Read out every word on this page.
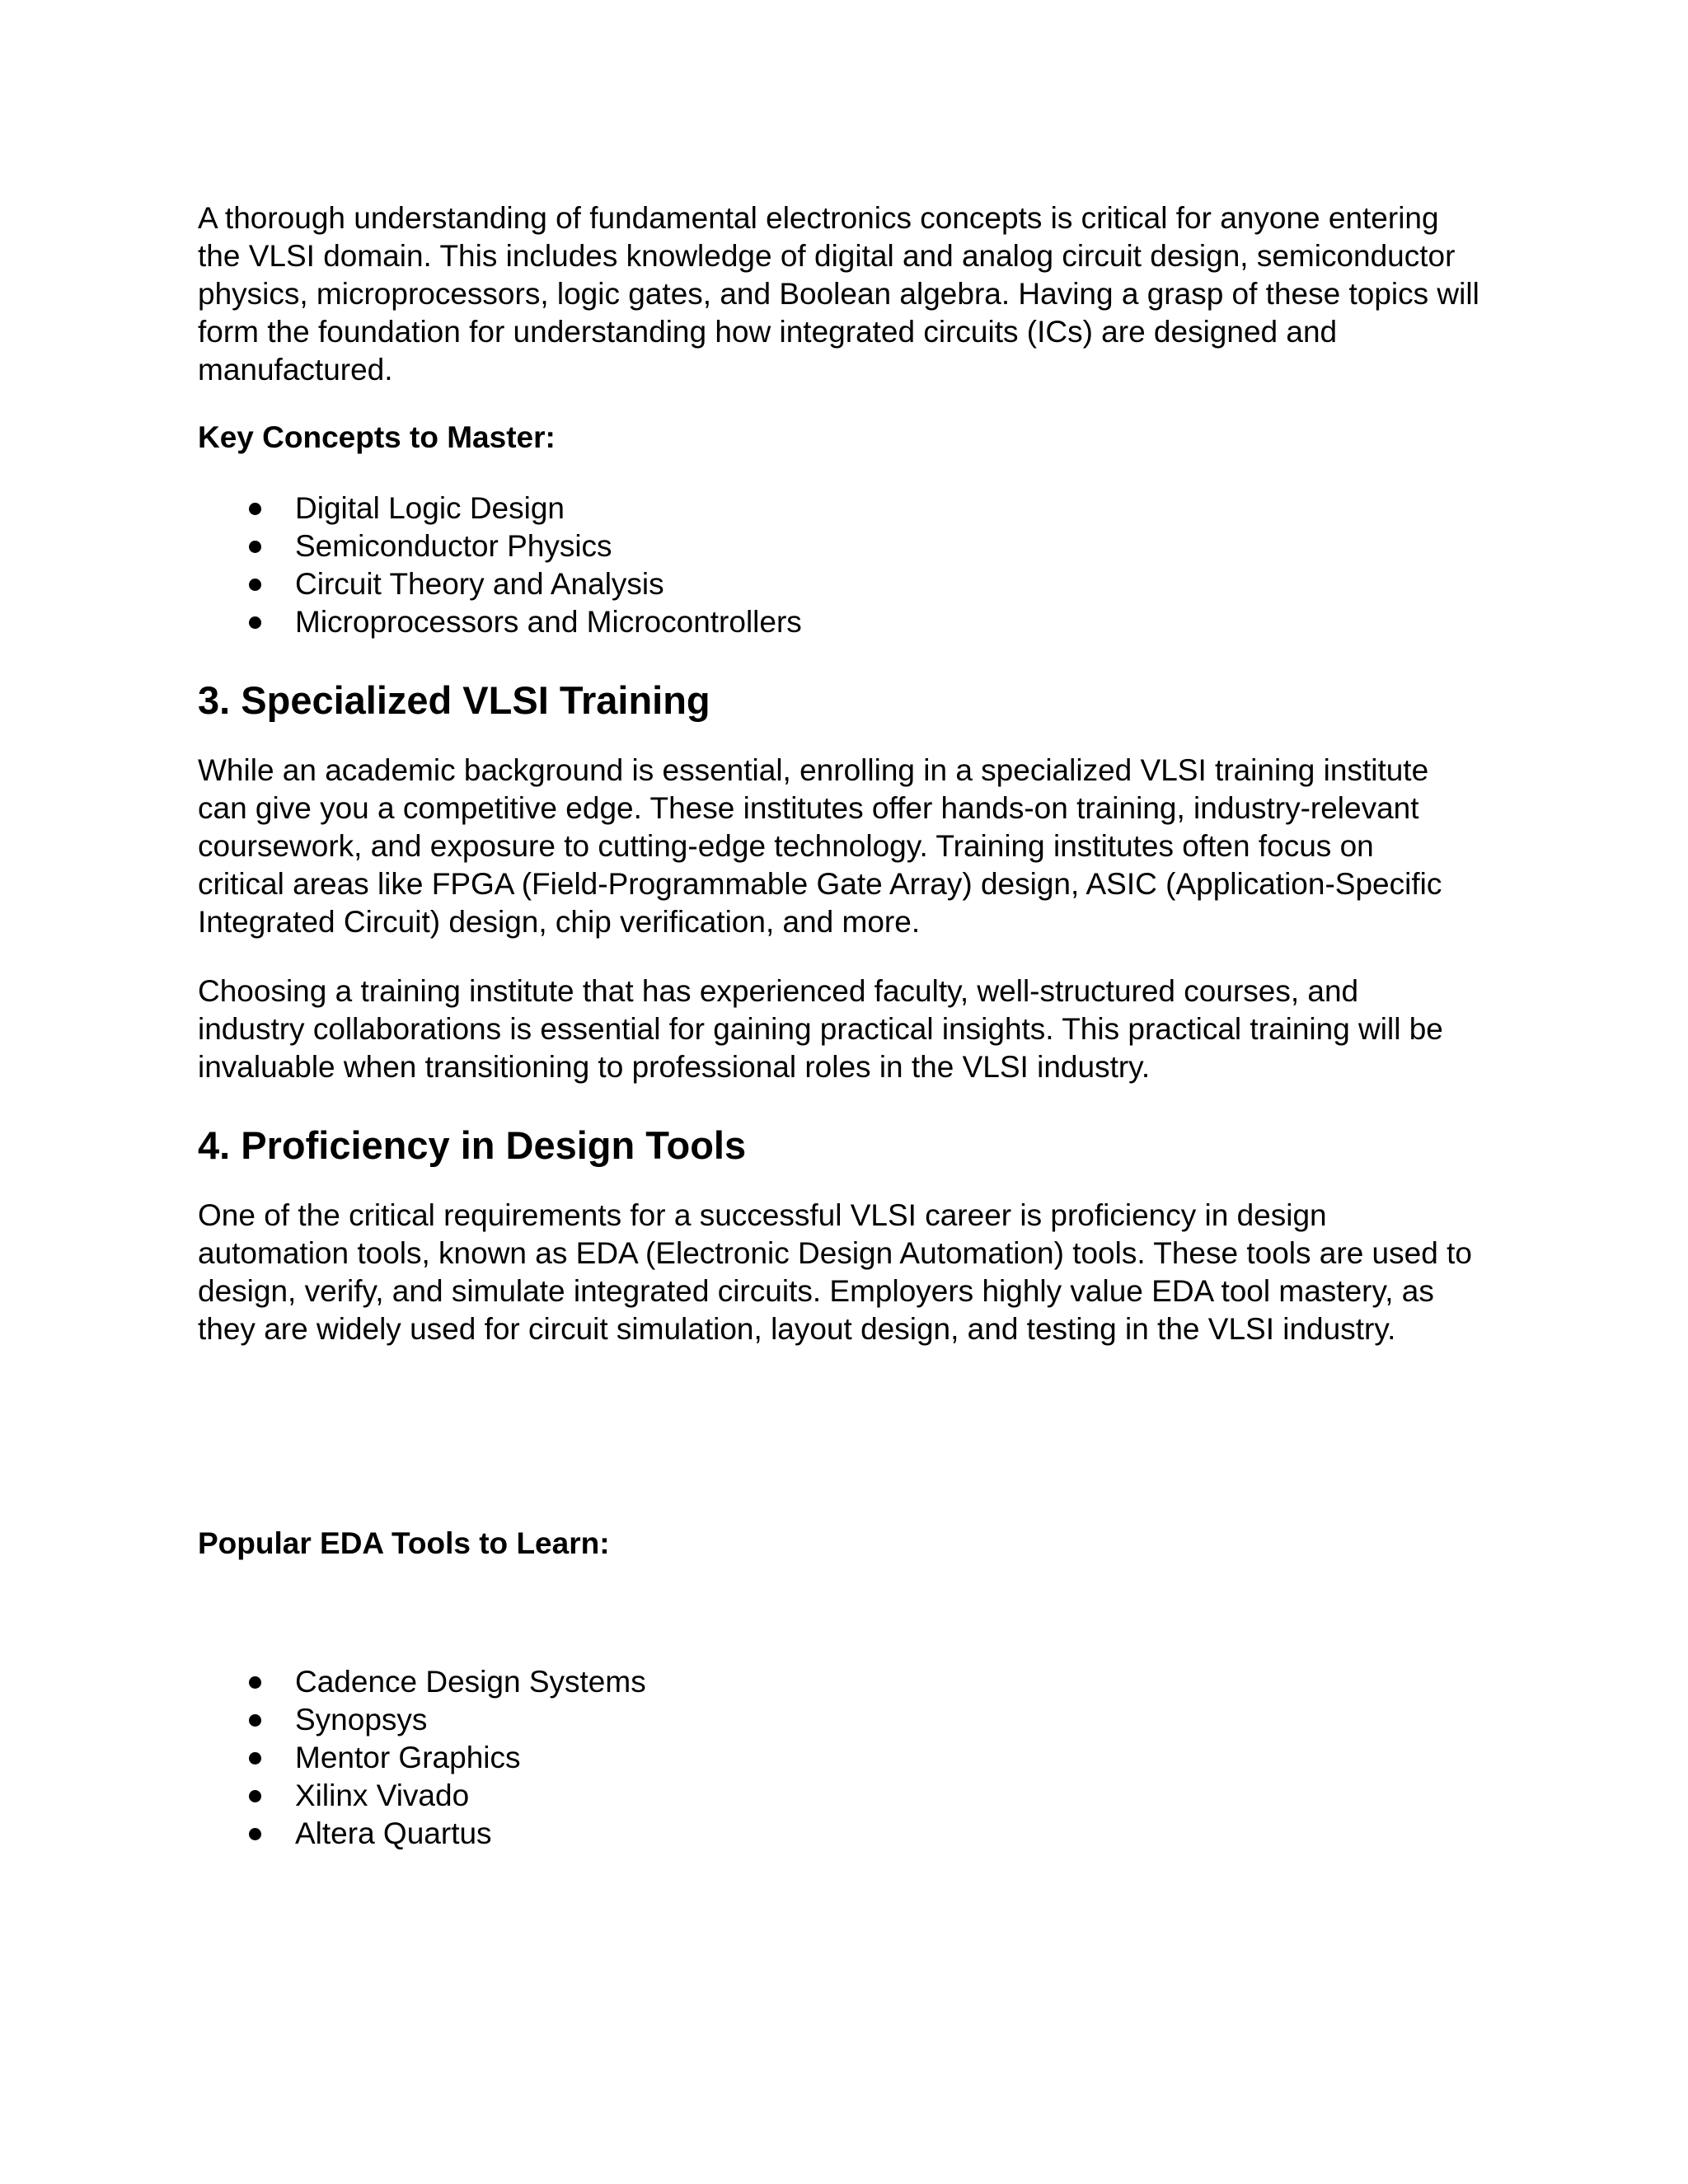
A thorough understanding of fundamental electronics concepts is critical for anyone entering the VLSI domain. This includes knowledge of digital and analog circuit design, semiconductor physics, microprocessors, logic gates, and Boolean algebra. Having a grasp of these topics will form the foundation for understanding how integrated circuits (ICs) are designed and manufactured.

Key Concepts to Master:

Digital Logic Design
Semiconductor Physics
Circuit Theory and Analysis
Microprocessors and Microcontrollers
3. Specialized VLSI Training

While an academic background is essential, enrolling in a specialized VLSI training institute can give you a competitive edge. These institutes offer hands-on training, industry-relevant coursework, and exposure to cutting-edge technology. Training institutes often focus on critical areas like FPGA (Field-Programmable Gate Array) design, ASIC (Application-Specific Integrated Circuit) design, chip verification, and more.

Choosing a training institute that has experienced faculty, well-structured courses, and industry collaborations is essential for gaining practical insights. This practical training will be invaluable when transitioning to professional roles in the VLSI industry.

4. Proficiency in Design Tools

One of the critical requirements for a successful VLSI career is proficiency in design automation tools, known as EDA (Electronic Design Automation) tools. These tools are used to design, verify, and simulate integrated circuits. Employers highly value EDA tool mastery, as they are widely used for circuit simulation, layout design, and testing in the VLSI industry.

Popular EDA Tools to Learn:

Cadence Design Systems
Synopsys
Mentor Graphics
Xilinx Vivado
Altera Quartus
